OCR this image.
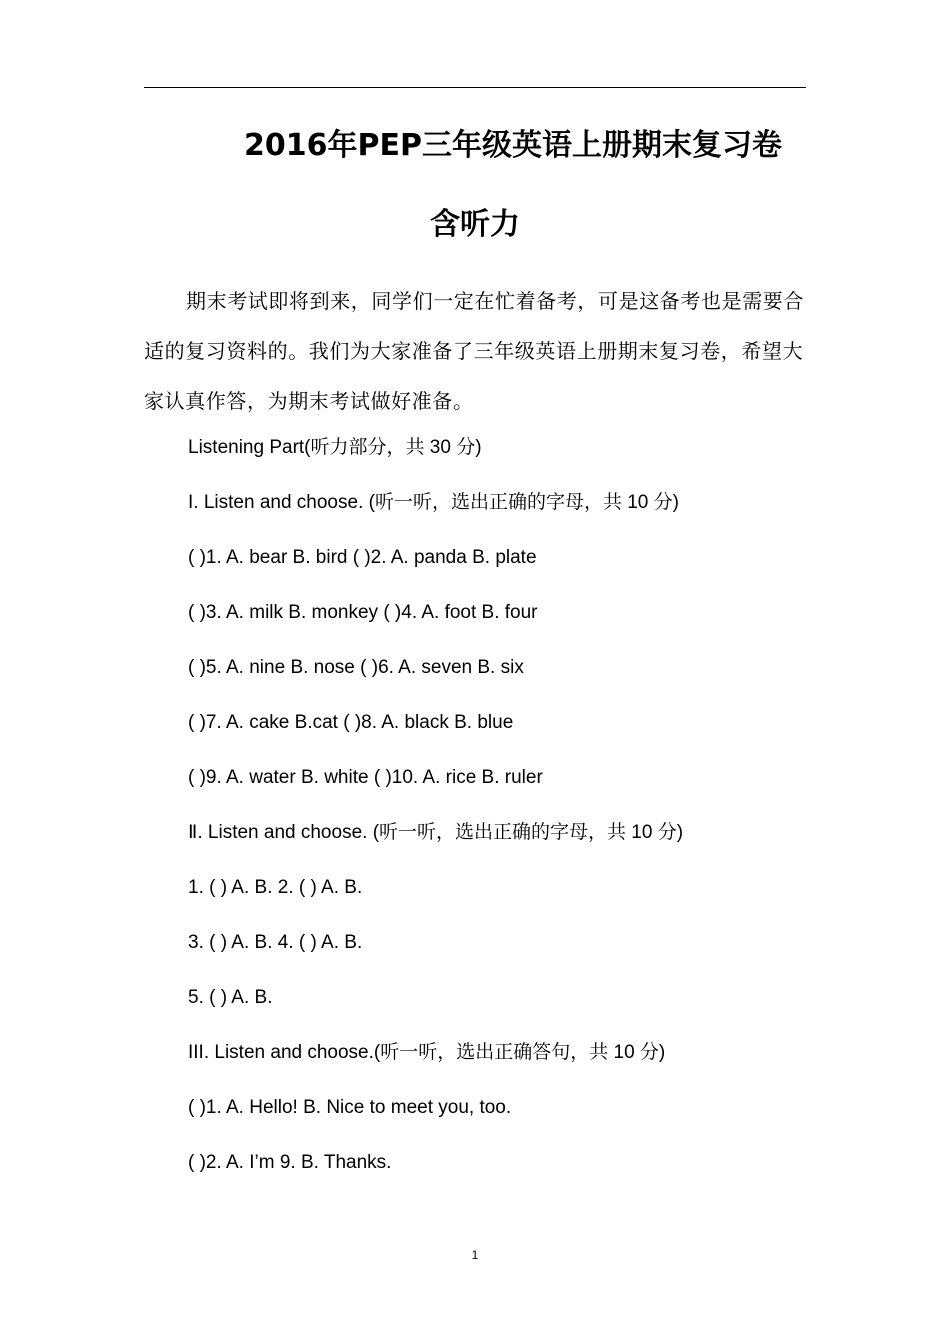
2016年PEP三年级英语上册期末复习卷
含听力
期末考试即将到来，同学们一定在忙着备考，可是这备考也是需要合适的复习资料的。我们为大家准备了三年级英语上册期末复习卷，希望大家认真作答，为期末考试做好准备。
Listening Part(听力部分，共 30 分)
I. Listen and choose. (听一听，选出正确的字母，共 10 分)
( )1. A. bear B. bird ( )2. A. panda B. plate
( )3. A. milk B. monkey ( )4. A. foot B. four
( )5. A. nine B. nose ( )6. A. seven B. six
( )7. A. cake B.cat ( )8. A. black B. blue
( )9. A. water B. white ( )10. A. rice B. ruler
Ⅱ. Listen and choose. (听一听，选出正确的字母，共 10 分)
1. ( ) A. B. 2. ( ) A. B.
3. ( ) A. B. 4. ( ) A. B.
5. ( ) A. B.
III. Listen and choose.(听一听，选出正确答句，共 10 分)
( )1. A. Hello! B. Nice to meet you, too.
( )2. A. I’m 9. B. Thanks.
1
